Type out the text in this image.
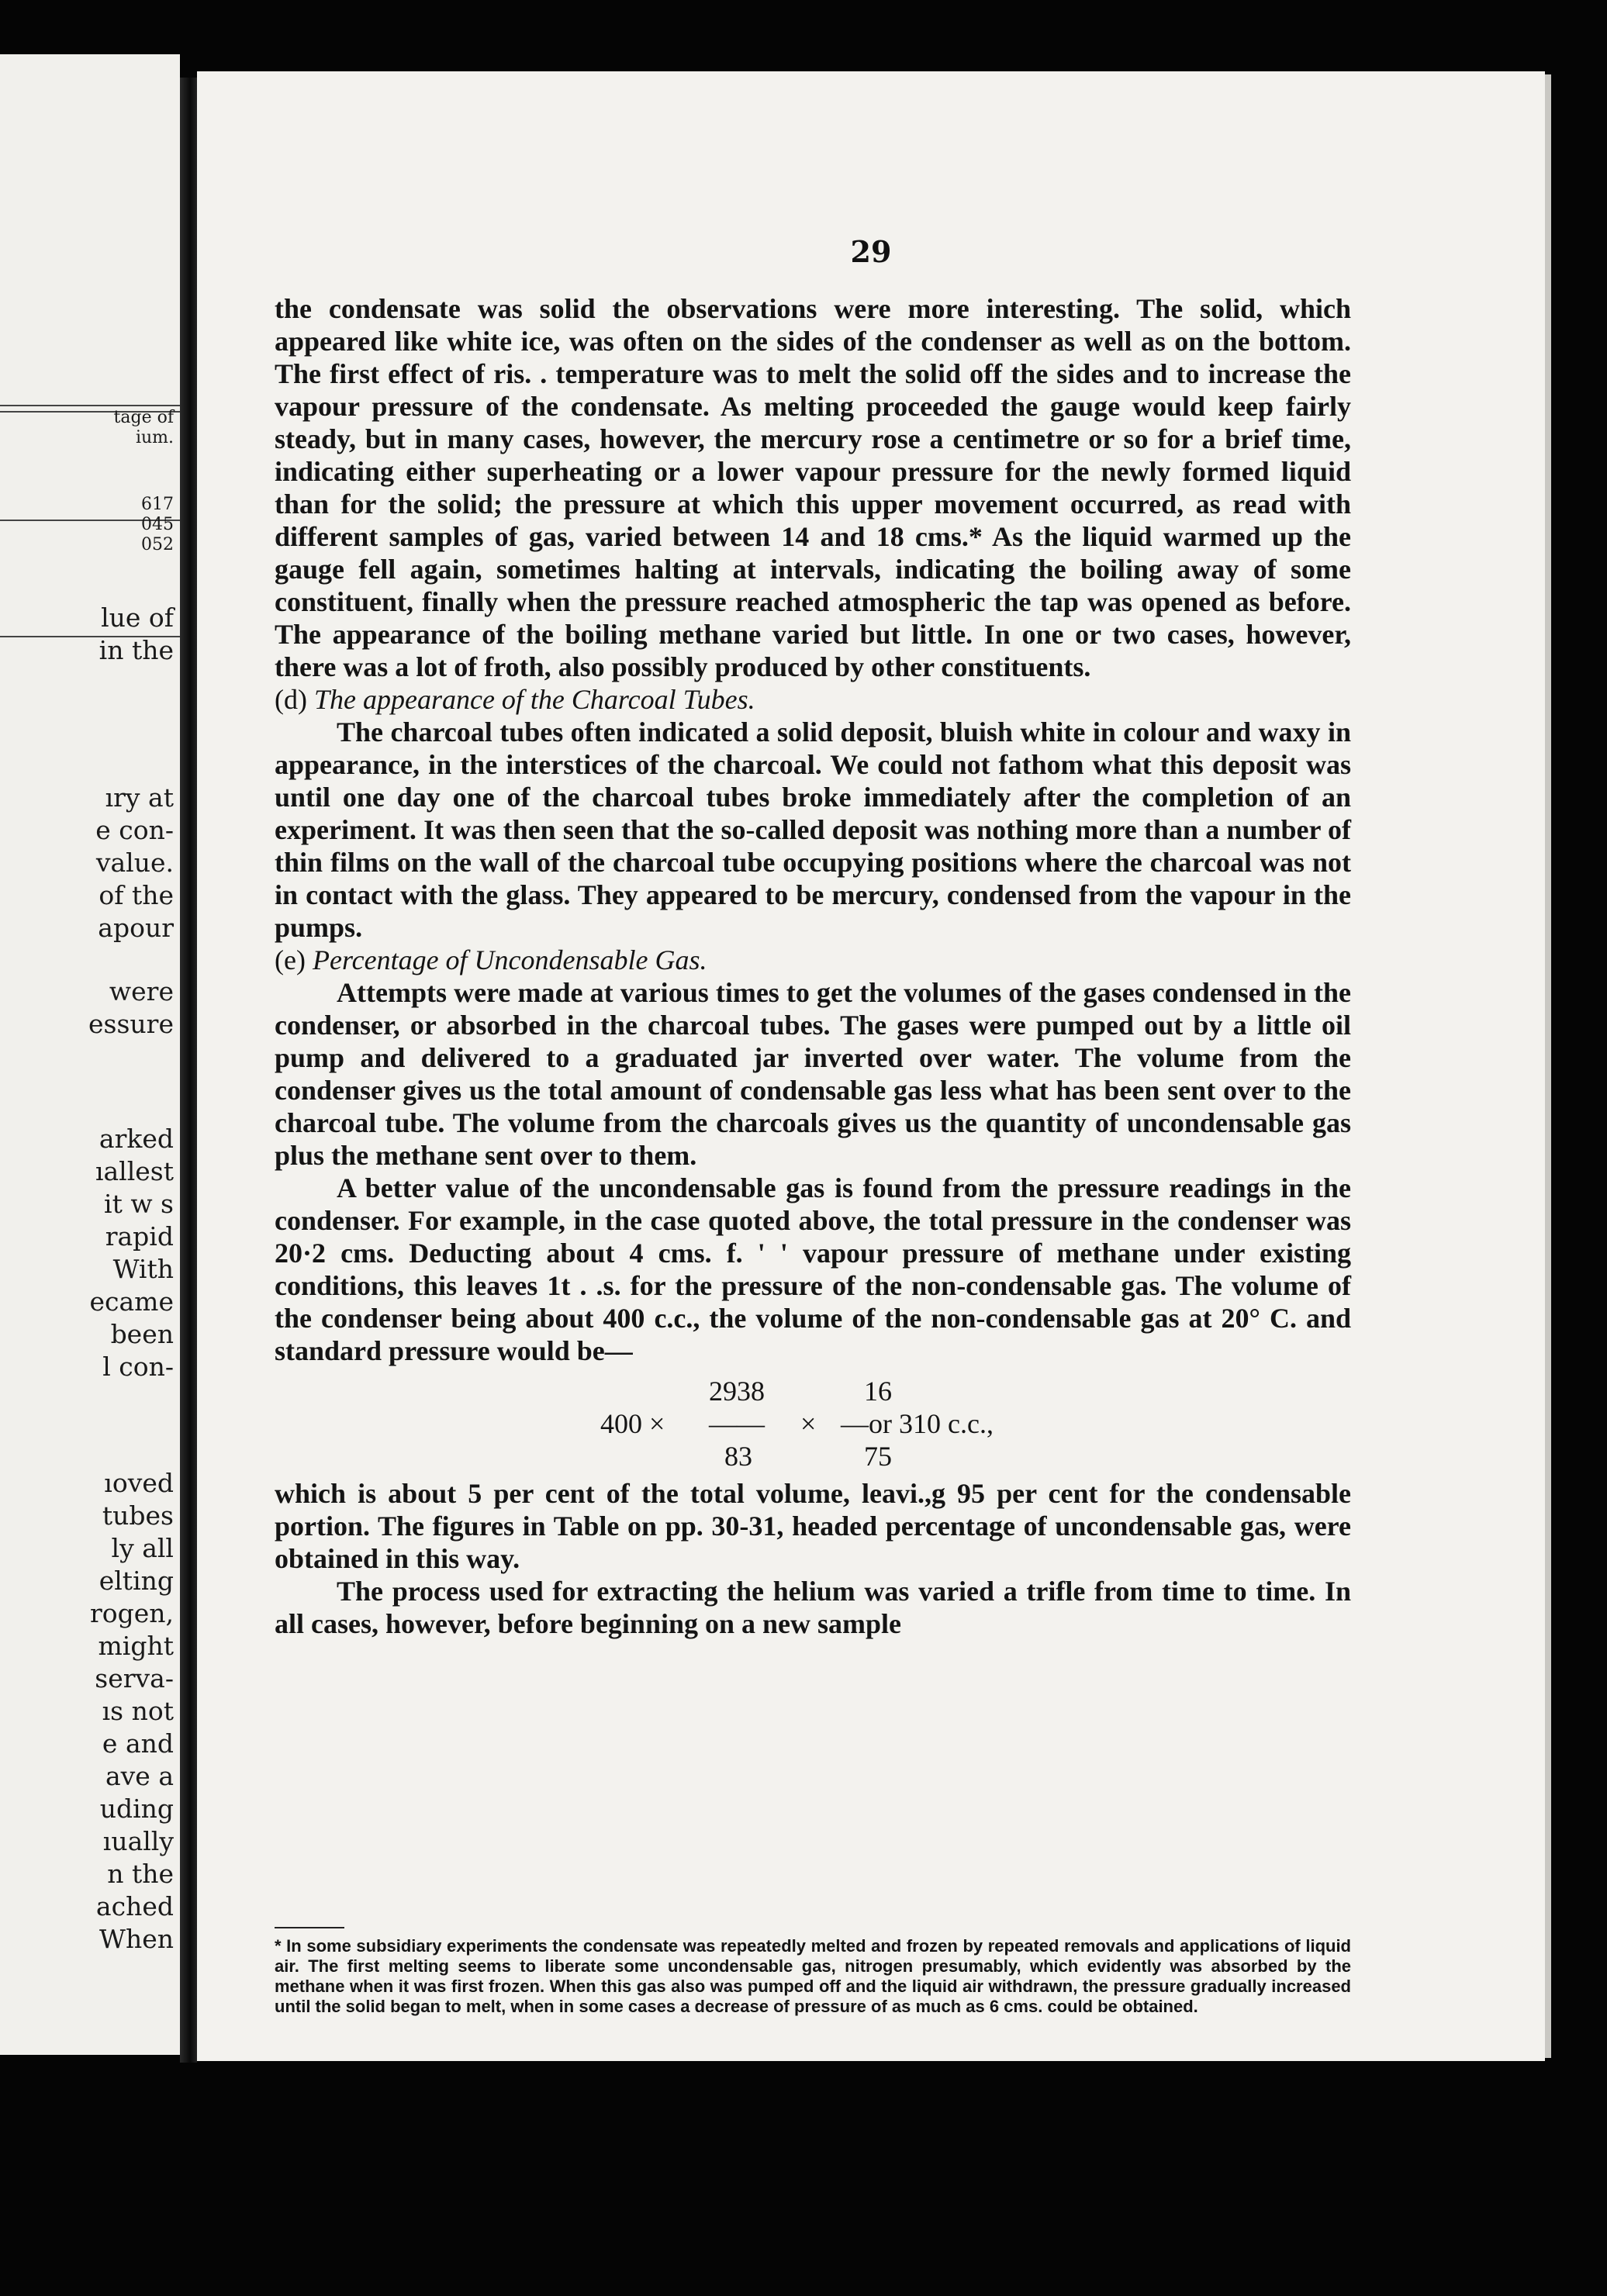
tage of
ium.
617
045
052
lue of
in the
ıry at
e con-
value.
of the
apour
were
essure
arked
ıallest
it w s
rapid
With
ecame
been
l con-
ıoved
tubes
ly all
elting
rogen,
might
serva-
ıs not
e and
ave a
uding
ıually
n the
ached
When
29

the condensate was solid the observations were more interesting. The solid, which appeared like white ice, was often on the sides of the condenser as well as on the bottom. The first effect of ris. . temperature was to melt the solid off the sides and to increase the vapour pressure of the condensate. As melting proceeded the gauge would keep fairly steady, but in many cases, however, the mercury rose a centimetre or so for a brief time, indicating either superheating or a lower vapour pressure for the newly formed liquid than for the solid; the pressure at which this upper movement occurred, as read with different samples of gas, varied between 14 and 18 cms.* As the liquid warmed up the gauge fell again, sometimes halting at intervals, indicating the boiling away of some constituent, finally when the pressure reached atmospheric the tap was opened as before. The appearance of the boiling methane varied but little. In one or two cases, however, there was a lot of froth, also possibly produced by other constituents.

(d) The appearance of the Charcoal Tubes.

The charcoal tubes often indicated a solid deposit, bluish white in colour and waxy in appearance, in the interstices of the charcoal. We could not fathom what this deposit was until one day one of the charcoal tubes broke immediately after the completion of an experiment. It was then seen that the so-called deposit was nothing more than a number of thin films on the wall of the charcoal tube occupying positions where the charcoal was not in contact with the glass. They appeared to be mercury, condensed from the vapour in the pumps.

(e) Percentage of Uncondensable Gas.

Attempts were made at various times to get the volumes of the gases condensed in the condenser, or absorbed in the charcoal tubes. The gases were pumped out by a little oil pump and delivered to a graduated jar inverted over water. The volume from the condenser gives us the total amount of condensable gas less what has been sent over to the charcoal tube. The volume from the charcoals gives us the quantity of uncondensable gas plus the methane sent over to them.

A better value of the uncondensable gas is found from the pressure readings in the condenser. For example, in the case quoted above, the total pressure in the condenser was 20·2 cms. Deducting about 4 cms. f. ' ' vapour pressure of methane under existing conditions, this leaves 1t . .s. for the pressure of the non-condensable gas. The volume of the condenser being about 400 c.c., the volume of the non-condensable gas at 20° C. and standard pressure would be—

2938	16
400 × —— × —or 310 c.c.,
83	75

which is about 5 per cent of the total volume, leavi.,g 95 per cent for the condensable portion. The figures in Table on pp. 30-31, headed percentage of uncondensable gas, were obtained in this way.

The process used for extracting the helium was varied a trifle from time to time. In all cases, however, before beginning on a new sample

* In some subsidiary experiments the condensate was repeatedly melted and frozen by repeated removals and applications of liquid air. The first melting seems to liberate some uncondensable gas, nitrogen presumably, which evidently was absorbed by the methane when it was first frozen. When this gas also was pumped off and the liquid air withdrawn, the pressure gradually increased until the solid began to melt, when in some cases a decrease of pressure of as much as 6 cms. could be obtained.
